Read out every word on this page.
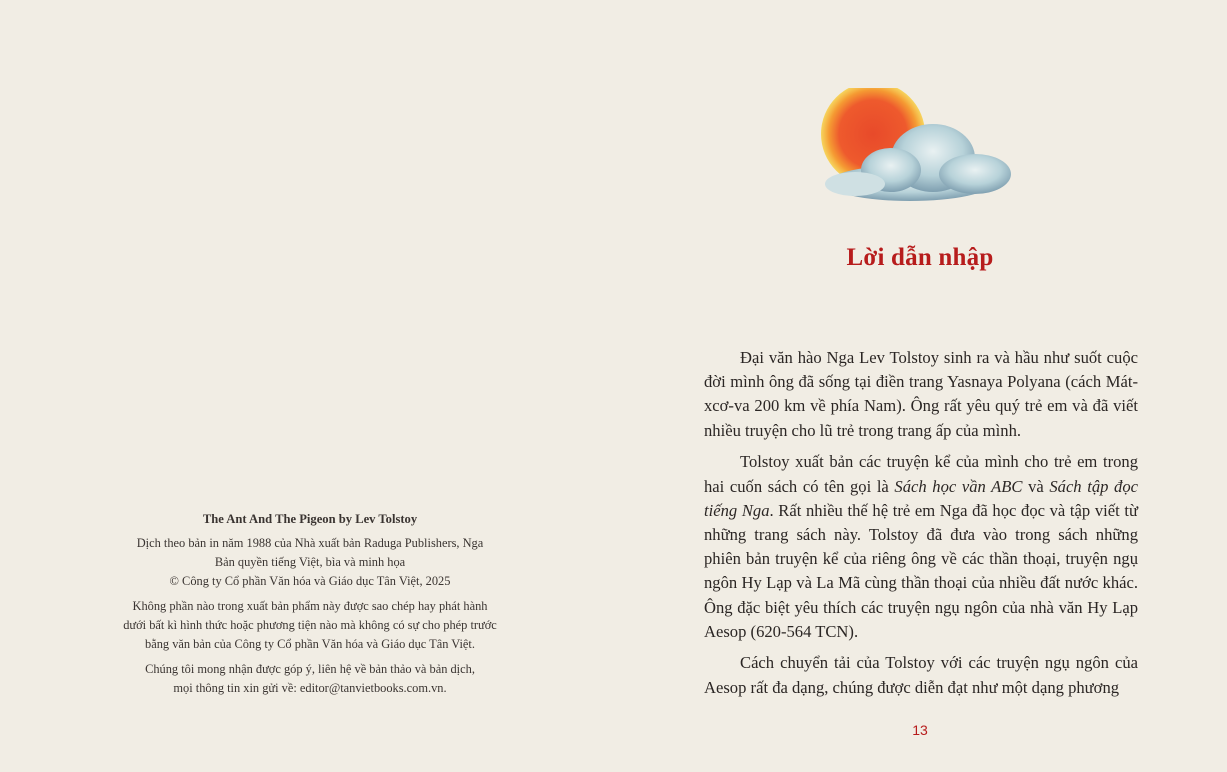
The Ant And The Pigeon by Lev Tolstoy
Dịch theo bản in năm 1988 của Nhà xuất bản Raduga Publishers, Nga
Bản quyền tiếng Việt, bìa và minh họa
© Công ty Cổ phần Văn hóa và Giáo dục Tân Việt, 2025
Không phần nào trong xuất bản phẩm này được sao chép hay phát hành
dưới bất kì hình thức hoặc phương tiện nào mà không có sự cho phép trước
bằng văn bản của Công ty Cổ phần Văn hóa và Giáo dục Tân Việt.
Chúng tôi mong nhận được góp ý, liên hệ về bản thảo và bản dịch,
mọi thông tin xin gửi về: editor@tanvietbooks.com.vn.
Lời dẫn nhập

Đại văn hào Nga Lev Tolstoy sinh ra và hầu như suốt cuộc đời mình ông đã sống tại điền trang Yasnaya Polyana (cách Mát-xcơ-va 200 km về phía Nam). Ông rất yêu quý trẻ em và đã viết nhiều truyện cho lũ trẻ trong trang ấp của mình.

Tolstoy xuất bản các truyện kể của mình cho trẻ em trong hai cuốn sách có tên gọi là Sách học vần ABC và Sách tập đọc tiếng Nga. Rất nhiều thế hệ trẻ em Nga đã học đọc và tập viết từ những trang sách này. Tolstoy đã đưa vào trong sách những phiên bản truyện kể của riêng ông về các thần thoại, truyện ngụ ngôn Hy Lạp và La Mã cùng thần thoại của nhiều đất nước khác. Ông đặc biệt yêu thích các truyện ngụ ngôn của nhà văn Hy Lạp Aesop (620-564 TCN).

Cách chuyển tải của Tolstoy với các truyện ngụ ngôn của Aesop rất đa dạng, chúng được diễn đạt như một dạng phương

13
